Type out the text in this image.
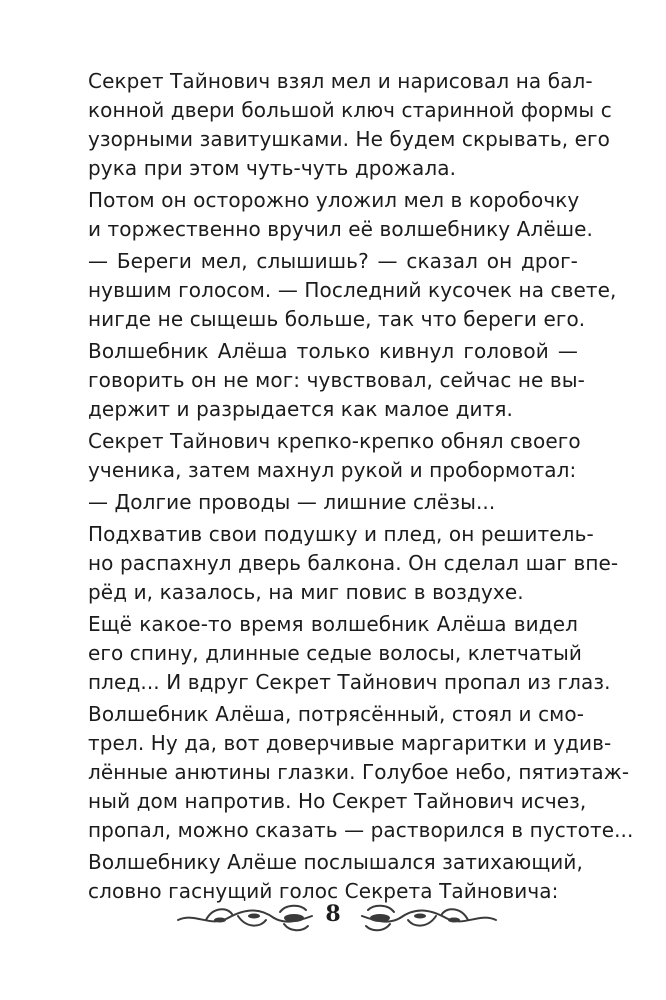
Секрет Тайнович взял мел и нарисовал на бал-
конной двери большой ключ старинной формы с
узорными завитушками. Не будем скрывать, его
рука при этом чуть-чуть дрожала.
Потом он осторожно уложил мел в коробочку
и торжественно вручил её волшебнику Алёше.
— Береги мел, слышишь? — сказал он дрог-
нувшим голосом. — Последний кусочек на свете,
нигде не сыщешь больше, так что береги его.
Волшебник Алёша только кивнул головой —
говорить он не мог: чувствовал, сейчас не вы-
держит и разрыдается как малое дитя.
Секрет Тайнович крепко-крепко обнял своего
ученика, затем махнул рукой и пробормотал:
— Долгие проводы — лишние слёзы...
Подхватив свои подушку и плед, он решитель-
но распахнул дверь балкона. Он сделал шаг впе-
рёд и, казалось, на миг повис в воздухе.
Ещё какое-то время волшебник Алёша видел
его спину, длинные седые волосы, клетчатый
плед... И вдруг Секрет Тайнович пропал из глаз.
Волшебник Алёша, потрясённый, стоял и смо-
трел. Ну да, вот доверчивые маргаритки и удив-
лённые анютины глазки. Голубое небо, пятиэтаж-
ный дом напротив. Но Секрет Тайнович исчез,
пропал, можно сказать — растворился в пустоте...
Волшебнику Алёше послышался затихающий,
словно гаснущий голос Секрета Тайновича:
8
